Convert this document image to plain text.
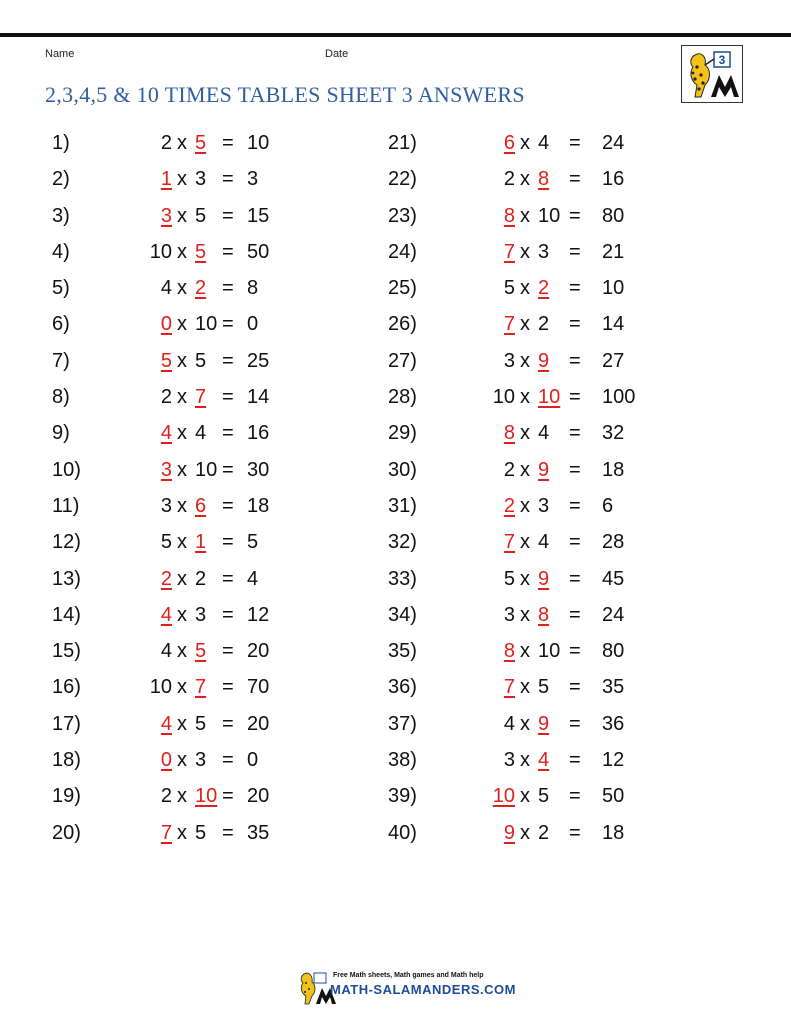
Name	Date
2,3,4,5 & 10 TIMES TABLES SHEET 3 ANSWERS
3
1)	2 x 5 = 10
2)	1 x 3 = 3
3)	3 x 5 = 15
4)	10 x 5 = 50
5)	4 x 2 = 8
6)	0 x 10 = 0
7)	5 x 5 = 25
8)	2 x 7 = 14
9)	4 x 4 = 16
10)	3 x 10 = 30
11)	3 x 6 = 18
12)	5 x 1 = 5
13)	2 x 2 = 4
14)	4 x 3 = 12
15)	4 x 5 = 20
16)	10 x 7 = 70
17)	4 x 5 = 20
18)	0 x 3 = 0
19)	2 x 10 = 20
20)	7 x 5 = 35
21)	6 x 4 = 24
22)	2 x 8 = 16
23)	8 x 10 = 80
24)	7 x 3 = 21
25)	5 x 2 = 10
26)	7 x 2 = 14
27)	3 x 9 = 27
28)	10 x 10 = 100
29)	8 x 4 = 32
30)	2 x 9 = 18
31)	2 x 3 = 6
32)	7 x 4 = 28
33)	5 x 9 = 45
34)	3 x 8 = 24
35)	8 x 10 = 80
36)	7 x 5 = 35
37)	4 x 9 = 36
38)	3 x 4 = 12
39)	10 x 5 = 50
40)	9 x 2 = 18
Free Math sheets, Math games and Math help
MATH-SALAMANDERS.COM
